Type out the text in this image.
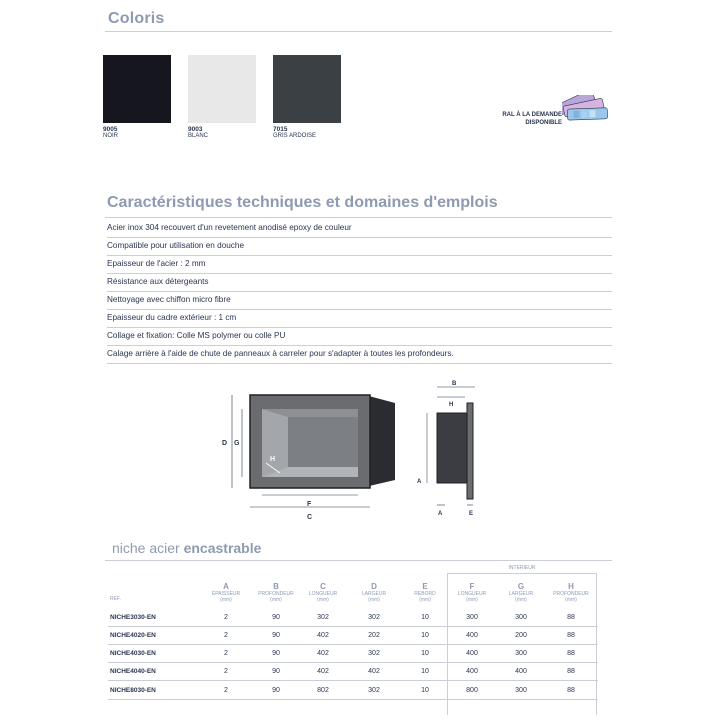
Coloris
9005
NOIR
9003
BLANC
7015
GRIS ARDOISE
RAL À LA DEMANDE
DISPONIBLE
Caractéristiques techniques et domaines d'emplois
Acier inox 304 recouvert d'un revetement anodisé epoxy de couleur
Compatible pour utilisation en douche
Epaisseur de l'acier : 2 mm
Résistance aux détergeants
Nettoyage avec chiffon micro fibre
Epaisseur du cadre extérieur : 1 cm
Collage et fixation: Colle MS polymer ou colle PU
Calage arrière à l'aide de chute de panneaux à carreler pour s'adapter à toutes les profondeurs.
D G
H
F
C
B
H
A
A	E
niche acier encastrable
INTERIEUR
REF.
A
ÉPAISSEUR
(mm)
B
PROFONDEUR
(mm)
C
LONGUEUR
(mm)
D
LARGEUR
(mm)
E
REBORD
(mm)
F
LONGUEUR
(mm)
G
LARGEUR
(mm)
H
PROFONDEUR
(mm)
NICHE3030-EN	2	90	302	302	10	300	300	88
NICHE4020-EN	2	90	402	202	10	400	200	88
NICHE4030-EN	2	90	402	302	10	400	300	88
NICHE4040-EN	2	90	402	402	10	400	400	88
NICHE8030-EN	2	90	802	302	10	800	300	88
